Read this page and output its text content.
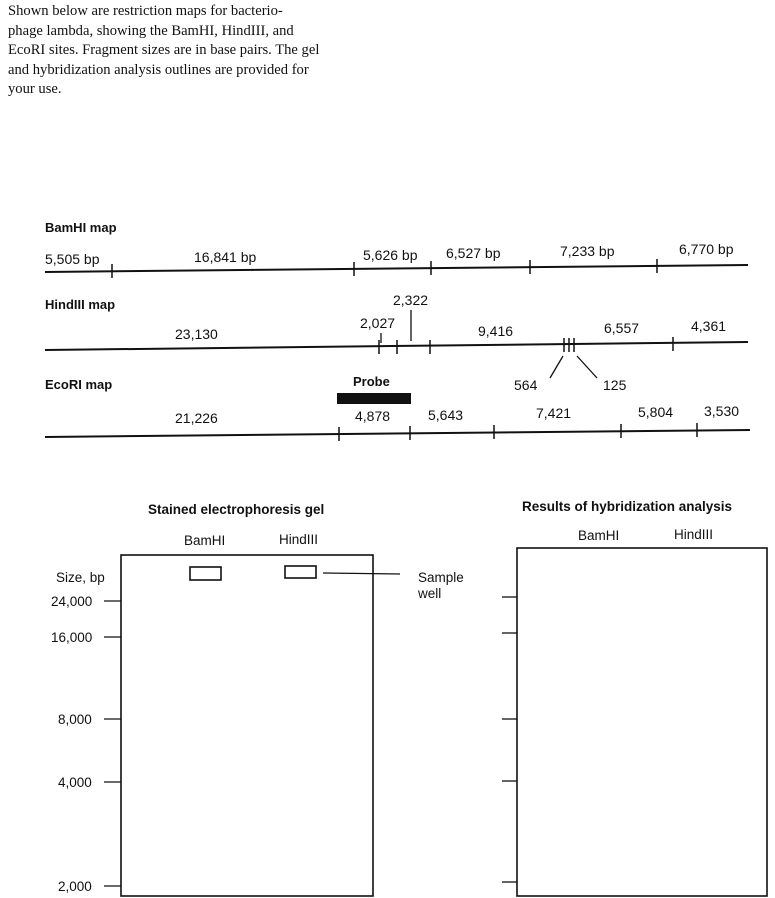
Shown below are restriction maps for bacterio-
phage lambda, showing the BamHI, HindIII, and
EcoRI sites. Fragment sizes are in base pairs. The gel
and hybridization analysis outlines are provided for
your use.
BamHI map
5,505 bp	16,841 bp	5,626 bp 6,527 bp	7,233 bp	6,770 bp
HindIII map
23,130
2,027
2,322
9,416
564	125
6,557	4,361
EcoRI map	Probe
21,226	4,878	5,643	7,421	5,804 3,530
Stained electrophoresis gel
BamHI	HindIII
Size, bp	Sample
well
24,000
16,000
8,000
4,000
2,000
Results of hybridization analysis
BamHI	HindIII
